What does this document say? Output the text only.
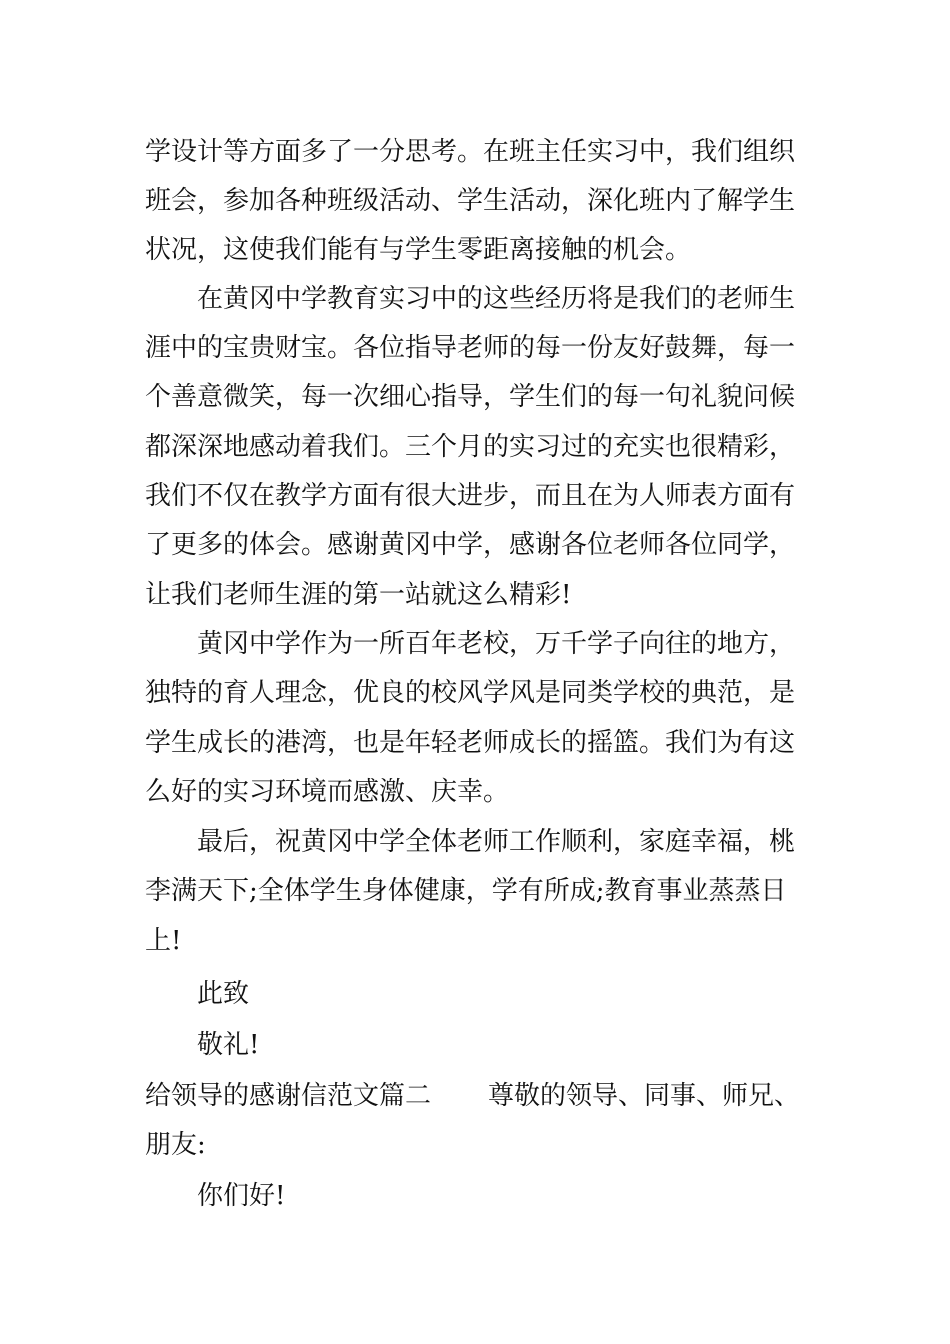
学设计等方面多了一分思考。在班主任实习中，我们组织
班会，参加各种班级活动、学生活动，深化班内了解学生
状况，这使我们能有与学生零距离接触的机会。
在黄冈中学教育实习中的这些经历将是我们的老师生
涯中的宝贵财宝。各位指导老师的每一份友好鼓舞，每一
个善意微笑，每一次细心指导，学生们的每一句礼貌问候
都深深地感动着我们。三个月的实习过的充实也很精彩，
我们不仅在教学方面有很大进步，而且在为人师表方面有
了更多的体会。感谢黄冈中学，感谢各位老师各位同学，
让我们老师生涯的第一站就这么精彩!
黄冈中学作为一所百年老校，万千学子向往的地方，
独特的育人理念，优良的校风学风是同类学校的典范，是
学生成长的港湾，也是年轻老师成长的摇篮。我们为有这
么好的实习环境而感激、庆幸。
最后，祝黄冈中学全体老师工作顺利，家庭幸福，桃
李满天下;全体学生身体健康，学有所成;教育事业蒸蒸日
上!
此致
敬礼!
给领导的感谢信范文篇二 尊敬的领导、同事、师兄、
朋友:
你们好!
